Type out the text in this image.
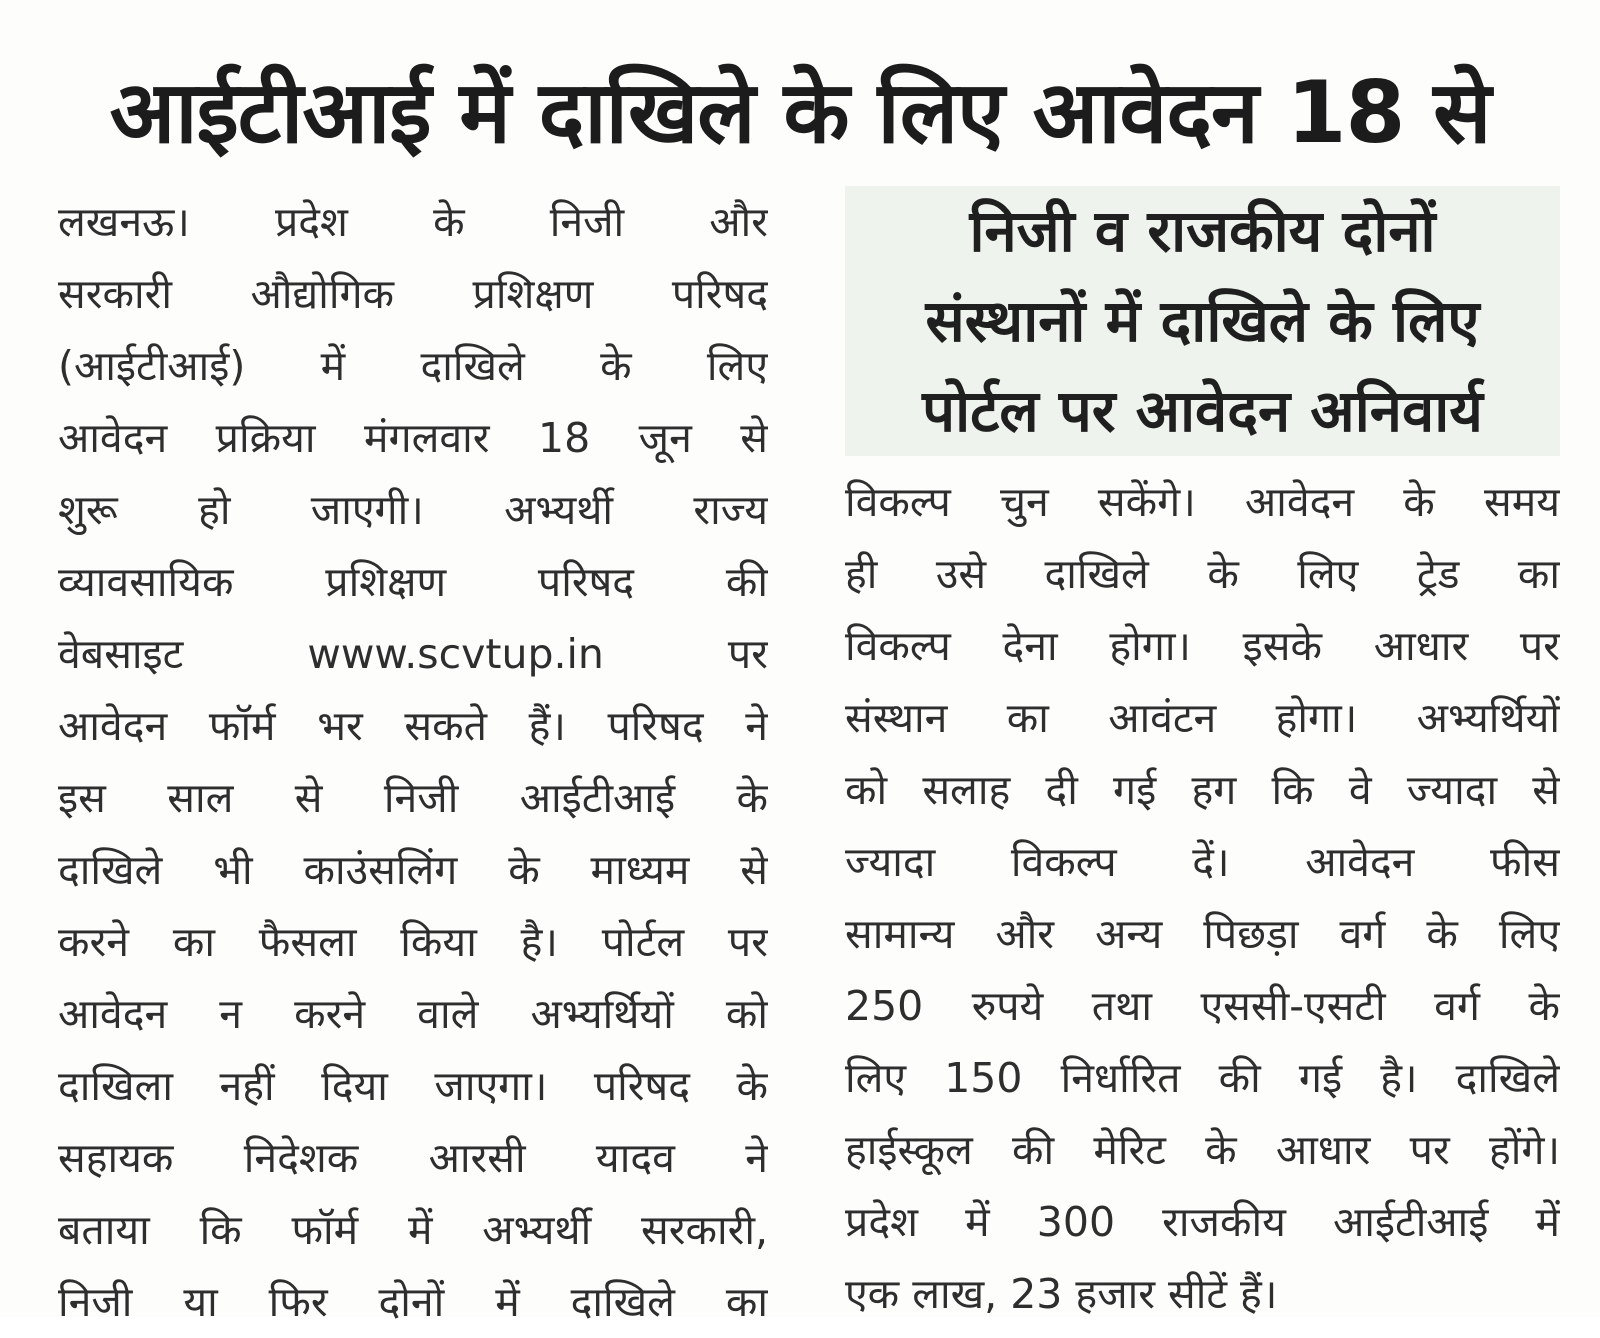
आईटीआई में दाखिले के लिए आवेदन 18 से
लखनऊ। प्रदेश के निजी और
सरकारी औद्योगिक प्रशिक्षण परिषद
(आईटीआई) में दाखिले के लिए
आवेदन प्रक्रिया मंगलवार 18 जून से
शुरू हो जाएगी। अभ्यर्थी राज्य
व्यावसायिक प्रशिक्षण परिषद की
वेबसाइट www.scvtup.in पर
आवेदन फॉर्म भर सकते हैं। परिषद ने
इस साल से निजी आईटीआई के
दाखिले भी काउंसलिंग के माध्यम से
करने का फैसला किया है। पोर्टल पर
आवेदन न करने वाले अभ्यर्थियों को
दाखिला नहीं दिया जाएगा। परिषद के
सहायक निदेशक आरसी यादव ने
बताया कि फॉर्म में अभ्यर्थी सरकारी,
निजी या फिर दोनों में दाखिले का
निजी व राजकीय दोनों
संस्थानों में दाखिले के लिए
पोर्टल पर आवेदन अनिवार्य
विकल्प चुन सकेंगे। आवेदन के समय
ही उसे दाखिले के लिए ट्रेड का
विकल्प देना होगा। इसके आधार पर
संस्थान का आवंटन होगा। अभ्यर्थियों
को सलाह दी गई हग कि वे ज्यादा से
ज्यादा विकल्प दें। आवेदन फीस
सामान्य और अन्य पिछड़ा वर्ग के लिए
250 रुपये तथा एससी-एसटी वर्ग के
लिए 150 निर्धारित की गई है। दाखिले
हाईस्कूल की मेरिट के आधार पर होंगे।
प्रदेश में 300 राजकीय आईटीआई में
एक लाख, 23 हजार सीटें हैं।
